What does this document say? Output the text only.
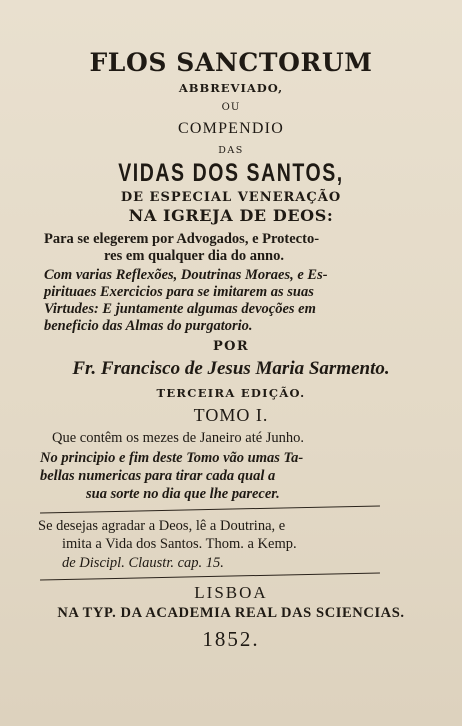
FLOS SANCTORUM
ABBREVIADO,
OU
COMPENDIO
DAS
VIDAS DOS SANTOS,
DE ESPECIAL VENERAÇÃO
NA IGREJA DE DEOS:
Para se elegerem por Advogados, e Protecto-
res em qualquer dia do anno.
Com varias Reflexões, Doutrinas Moraes, e Es-
pirituaes Exercicios para se imitarem as suas
Virtudes: E juntamente algumas devoções em
beneficio das Almas do purgatorio.
POR
Fr. Francisco de Jesus Maria Sarmento.
TERCEIRA EDIÇÃO.
TOMO I.
Que contêm os mezes de Janeiro até Junho.
No principio e fim deste Tomo vão umas Ta-
bellas numericas para tirar cada qual a
sua sorte no dia que lhe parecer.
Se desejas agradar a Deos, lê a Doutrina, e
imita a Vida dos Santos. Thom. a Kemp.
de Discipl. Claustr. cap. 15.
LISBOA
NA TYP. DA ACADEMIA REAL DAS SCIENCIAS.
1852.
